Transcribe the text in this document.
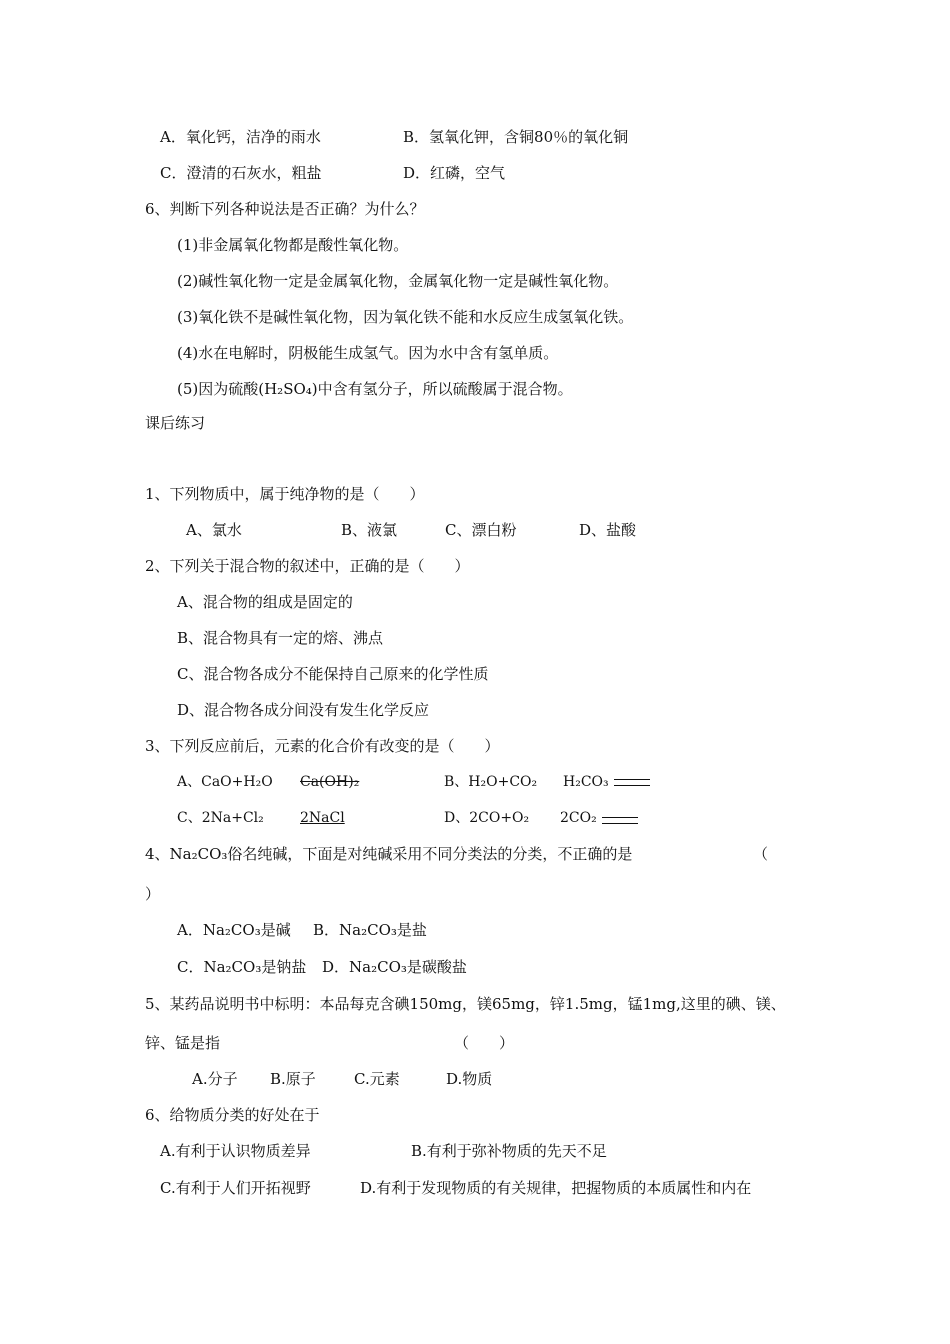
A．氧化钙，洁净的雨水	B．氢氧化钾，含铜80％的氧化铜
C．澄清的石灰水，粗盐	D．红磷，空气
6、判断下列各种说法是否正确？为什么？
(1)非金属氧化物都是酸性氧化物。
(2)碱性氧化物一定是金属氧化物，金属氧化物一定是碱性氧化物。
(3)氧化铁不是碱性氧化物，因为氧化铁不能和水反应生成氢氧化铁。
(4)水在电解时，阴极能生成氢气。因为水中含有氢单质。
(5)因为硫酸(H₂SO₄)中含有氢分子，所以硫酸属于混合物。
课后练习
1、下列物质中，属于纯净物的是（　　）
A、氯水	B、液氯	C、漂白粉	D、盐酸
2、下列关于混合物的叙述中，正确的是（　　）
A、混合物的组成是固定的
B、混合物具有一定的熔、沸点
C、混合物各成分不能保持自己原来的化学性质
D、混合物各成分间没有发生化学反应
3、下列反应前后，元素的化合价有改变的是（　　）
A、CaO+H₂O Ca(OH)₂	B、H₂O+CO₂ H₂CO₃
C、2Na+Cl₂	2NaCl	D、2CO+O₂ 2CO₂
4、Na₂CO₃俗名纯碱，下面是对纯碱采用不同分类法的分类，不正确的是	（
）
A．Na₂CO₃是碱 B．Na₂CO₃是盐
C．Na₂CO₃是钠盐 D．Na₂CO₃是碳酸盐
5、某药品说明书中标明：本品每克含碘150mg，镁65mg，锌1.5mg，锰1mg,这里的碘、镁、
锌、锰是指	（　　）
A.分子 B.原子	C.元素	D.物质
6、给物质分类的好处在于
A.有利于认识物质差异	B.有利于弥补物质的先天不足
C.有利于人们开拓视野	D.有利于发现物质的有关规律，把握物质的本质属性和内在
